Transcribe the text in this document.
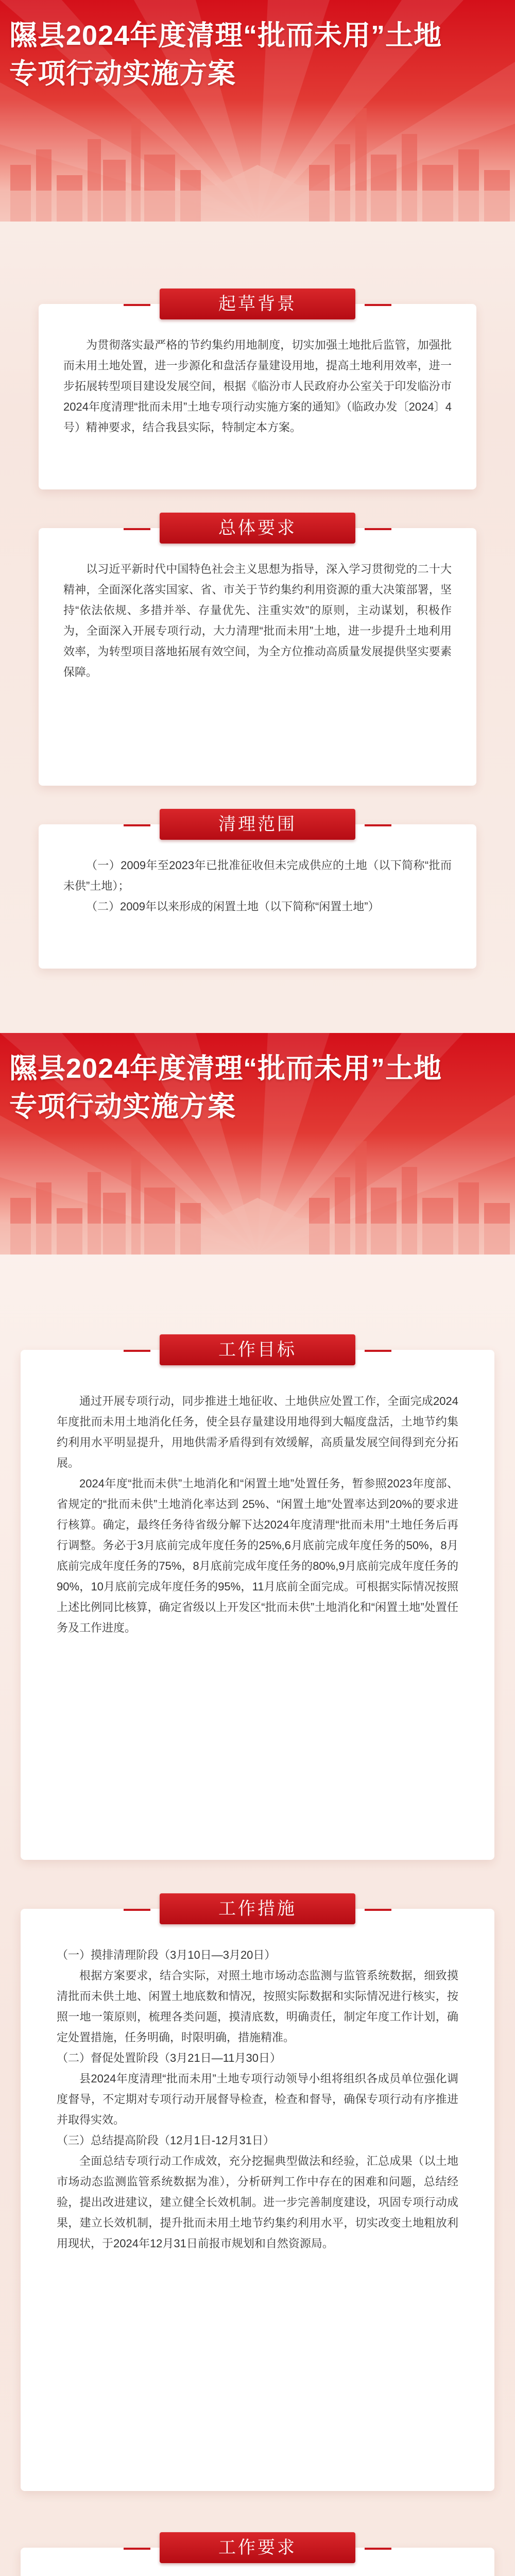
隰县2024年度清理“批而未用”土地
专项行动实施方案
起草背景

为贯彻落实最严格的节约集约用地制度，切实加强土地批后监管，加强批而未用土地处置，进一步源化和盘活存量建设用地，提高土地利用效率，进一步拓展转型项目建设发展空间，根据《临汾市人民政府办公室关于印发临汾市2024年度清理“批而未用”土地专项行动实施方案的通知》（临政办发〔2024〕4号）精神要求，结合我县实际，特制定本方案。

总体要求

以习近平新时代中国特色社会主义思想为指导，深入学习贯彻党的二十大精神，全面深化落实国家、省、市关于节约集约利用资源的重大决策部署，坚持“依法依规、多措并举、存量优先、注重实效”的原则，主动谋划，积极作为，全面深入开展专项行动，大力清理“批而未用”土地，进一步提升土地利用效率，为转型项目落地拓展有效空间，为全方位推动高质量发展提供坚实要素保障。

清理范围

（一）2009年至2023年已批准征收但未完成供应的土地（以下简称“批而未供”土地）；

（二）2009年以来形成的闲置土地（以下简称“闲置土地”）

隰县2024年度清理“批而未用”土地
专项行动实施方案
工作目标

通过开展专项行动，同步推进土地征收、土地供应处置工作，全面完成2024年度批而未用土地消化任务，使全县存量建设用地得到大幅度盘活，土地节约集约利用水平明显提升，用地供需矛盾得到有效缓解，高质量发展空间得到充分拓展。

2024年度“批而未供”土地消化和“闲置土地”处置任务，暂参照2023年度部、省规定的“批而未供”土地消化率达到 25%、“闲置土地”处置率达到20%的要求进行核算。确定，最终任务待省级分解下达2024年度清理“批而未用”土地任务后再行调整。务必于3月底前完成年度任务的25%,6月底前完成年度任务的50%，8月底前完成年度任务的75%，8月底前完成年度任务的80%,9月底前完成年度任务的90%，10月底前完成年度任务的95%，11月底前全面完成。可根据实际情况按照上述比例同比核算，确定省级以上开发区“批而未供”土地消化和“闲置土地”处置任务及工作进度。

工作措施

（一）摸排清理阶段（3月10日—3月20日）

根据方案要求，结合实际，对照土地市场动态监测与监管系统数据，细致摸清批而未供土地、闲置土地底数和情况，按照实际数据和实际情况进行核实，按照一地一策原则，梳理各类问题，摸清底数，明确责任，制定年度工作计划，确定处置措施，任务明确，时限明确，措施精准。

（二）督促处置阶段（3月21日—11月30日）

县2024年度清理“批而未用”土地专项行动领导小组将组织各成员单位强化调度督导，不定期对专项行动开展督导检查，检查和督导，确保专项行动有序推进并取得实效。

（三）总结提高阶段（12月1日-12月31日）

全面总结专项行动工作成效，充分挖掘典型做法和经验，汇总成果（以土地市场动态监测监管系统数据为准），分析研判工作中存在的困难和问题，总结经验，提出改进建议，建立健全长效机制。进一步完善制度建设，巩固专项行动成果，建立长效机制，提升批而未用土地节约集约利用水平，切实改变土地粗放利用现状，于2024年12月31日前报市规划和自然资源局。

工作要求
